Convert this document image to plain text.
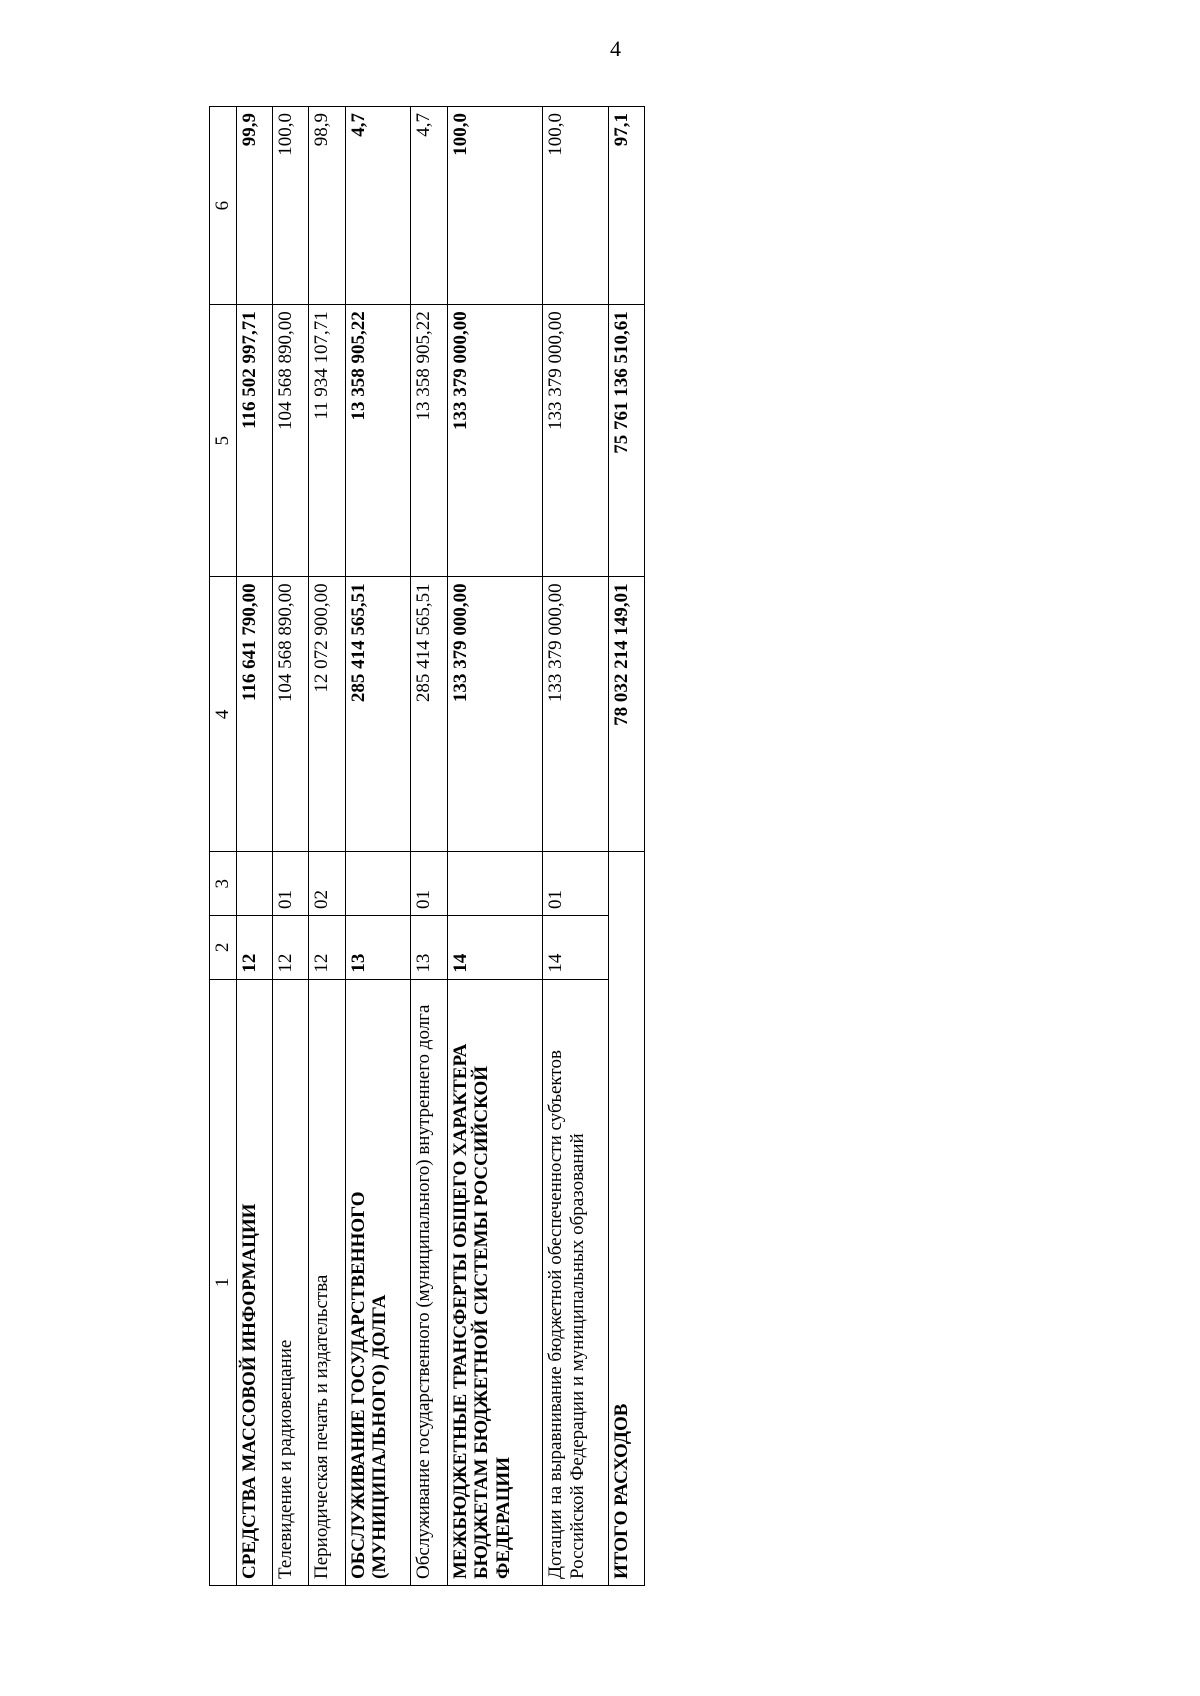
4
1	2	3	4	5	6
СРЕДСТВА МАССОВОЙ ИНФОРМАЦИИ	12		116 641 790,00	116 502 997,71	99,9
Телевидение и радиовещание	12	01	104 568 890,00	104 568 890,00	100,0
Периодическая печать и издательства	12	02	12 072 900,00	11 934 107,71	98,9
ОБСЛУЖИВАНИЕ ГОСУДАРСТВЕННОГО (МУНИЦИПАЛЬНОГО) ДОЛГА	13		285 414 565,51	13 358 905,22	4,7
Обслуживание государственного (муниципального) внутреннего долга	13	01	285 414 565,51	13 358 905,22	4,7
МЕЖБЮДЖЕТНЫЕ ТРАНСФЕРТЫ ОБЩЕГО ХАРАКТЕРА БЮДЖЕТАМ БЮДЖЕТНОЙ СИСТЕМЫ РОССИЙСКОЙ ФЕДЕРАЦИИ	14		133 379 000,00	133 379 000,00	100,0
Дотации на выравнивание бюджетной обеспеченности субъектов Российской Федерации и муниципальных образований	14	01	133 379 000,00	133 379 000,00	100,0
ИТОГО РАСХОДОВ			78 032 214 149,01	75 761 136 510,61	97,1
